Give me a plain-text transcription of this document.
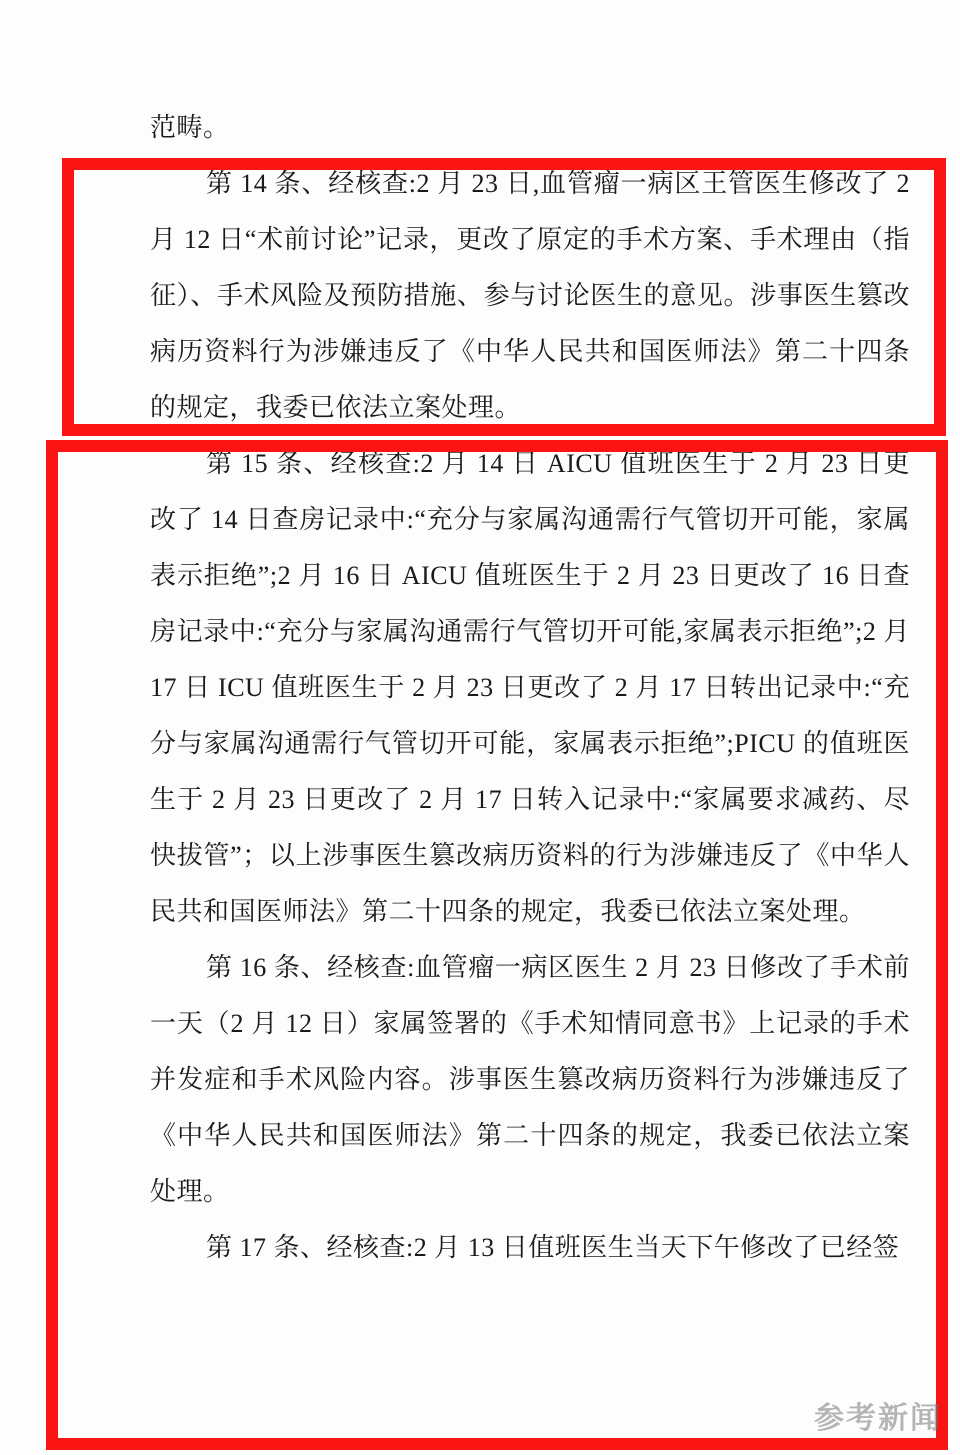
范畴。

第 14 条、经核查:2 月 23 日,血管瘤一病区王管医生修改了 2 月 12 日“术前讨论”记录，更改了原定的手术方案、手术理由（指征）、手术风险及预防措施、参与讨论医生的意见。涉事医生篡改病历资料行为涉嫌违反了《中华人民共和国医师法》第二十四条的规定，我委已依法立案处理。

第 15 条、经核查:2 月 14 日 AICU 值班医生于 2 月 23 日更改了 14 日查房记录中:“充分与家属沟通需行气管切开可能，家属表示拒绝”;2 月 16 日 AICU 值班医生于 2 月 23 日更改了 16 日查房记录中:“充分与家属沟通需行气管切开可能,家属表示拒绝”;2 月 17 日 ICU 值班医生于 2 月 23 日更改了 2 月 17 日转出记录中:“充分与家属沟通需行气管切开可能，家属表示拒绝”;PICU 的值班医生于 2 月 23 日更改了 2 月 17 日转入记录中:“家属要求减药、尽快拔管”；以上涉事医生篡改病历资料的行为涉嫌违反了《中华人民共和国医师法》第二十四条的规定，我委已依法立案处理。

第 16 条、经核查:血管瘤一病区医生 2 月 23 日修改了手术前一天（2 月 12 日）家属签署的《手术知情同意书》上记录的手术并发症和手术风险内容。涉事医生篡改病历资料行为涉嫌违反了《中华人民共和国医师法》第二十四条的规定，我委已依法立案处理。

第 17 条、经核查:2 月 13 日值班医生当天下午修改了已经签

参考新闻
